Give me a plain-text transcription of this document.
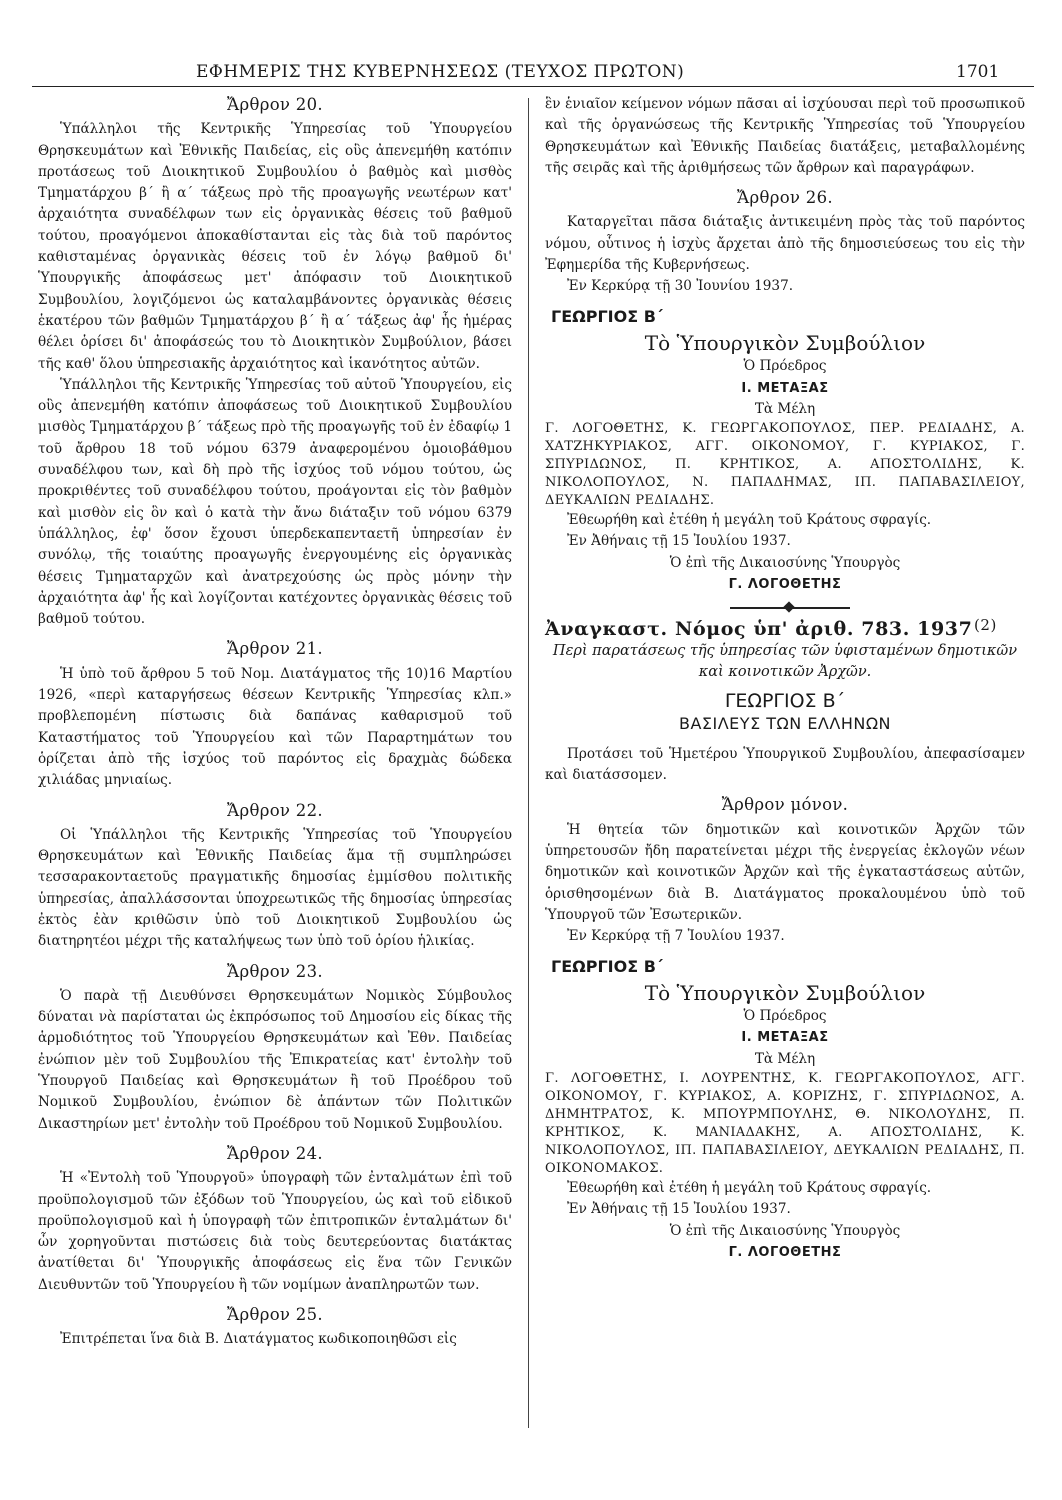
ΕΦΗΜΕΡΙΣ ΤΗΣ ΚΥΒΕΡΝΗΣΕΩΣ (ΤΕΥΧΟΣ ΠΡΩΤΟΝ)	1701
Ἄρθρον 20.

Ὑπάλληλοι τῆς Κεντρικῆς Ὑπηρεσίας τοῦ Ὑπουργείου Θρησκευμάτων καὶ Ἐθνικῆς Παιδείας, εἰς οὓς ἀπενεμήθη κατόπιν προτάσεως τοῦ Διοικητικοῦ Συμβουλίου ὁ βαθμὸς καὶ μισθὸς Τμηματάρχου β΄ ἢ α΄ τάξεως πρὸ τῆς προαγωγῆς νεωτέρων κατ' ἀρχαιότητα συναδέλφων των εἰς ὀργανικὰς θέσεις τοῦ βαθμοῦ τούτου, προαγόμενοι ἀποκαθίστανται εἰς τὰς διὰ τοῦ παρόντος καθισταμένας ὀργανικὰς θέσεις τοῦ ἐν λόγῳ βαθμοῦ δι' Ὑπουργικῆς ἀποφάσεως μετ' ἀπόφασιν τοῦ Διοικητικοῦ Συμβουλίου, λογιζόμενοι ὡς καταλαμβάνοντες ὀργανικὰς θέσεις ἑκατέρου τῶν βαθμῶν Τμηματάρχου β΄ ἢ α΄ τάξεως ἀφ' ἧς ἡμέρας θέλει ὁρίσει δι' ἀποφάσεώς του τὸ Διοικητικὸν Συμβούλιον, βάσει τῆς καθ' ὅλου ὑπηρεσιακῆς ἀρχαιότητος καὶ ἱκανότητος αὐτῶν.

Ὑπάλληλοι τῆς Κεντρικῆς Ὑπηρεσίας τοῦ αὐτοῦ Ὑπουργείου, εἰς οὓς ἀπενεμήθη κατόπιν ἀποφάσεως τοῦ Διοικητικοῦ Συμβουλίου μισθὸς Τμηματάρχου β΄ τάξεως πρὸ τῆς προαγωγῆς τοῦ ἐν ἐδαφίῳ 1 τοῦ ἄρθρου 18 τοῦ νόμου 6379 ἀναφερομένου ὁμοιοβάθμου συναδέλφου των, καὶ δὴ πρὸ τῆς ἰσχύος τοῦ νόμου τούτου, ὡς προκριθέντες τοῦ συναδέλφου τούτου, προάγονται εἰς τὸν βαθμὸν καὶ μισθὸν εἰς ὃν καὶ ὁ κατὰ τὴν ἄνω διάταξιν τοῦ νόμου 6379 ὑπάλληλος, ἐφ' ὅσον ἔχουσι ὑπερδεκαπενταετῆ ὑπηρεσίαν ἐν συνόλῳ, τῆς τοιαύτης προαγωγῆς ἐνεργουμένης εἰς ὀργανικὰς θέσεις Τμηματαρχῶν καὶ ἀνατρεχούσης ὡς πρὸς μόνην τὴν ἀρχαιότητα ἀφ' ἧς καὶ λογίζονται κατέχοντες ὀργανικὰς θέσεις τοῦ βαθμοῦ τούτου.

Ἄρθρον 21.

Ἡ ὑπὸ τοῦ ἄρθρου 5 τοῦ Νομ. Διατάγματος τῆς 10)16 Μαρτίου 1926, «περὶ καταργήσεως θέσεων Κεντρικῆς Ὑπηρεσίας κλπ.» προβλεπομένη πίστωσις διὰ δαπάνας καθαρισμοῦ τοῦ Καταστήματος τοῦ Ὑπουργείου καὶ τῶν Παραρτημάτων του ὁρίζεται ἀπὸ τῆς ἰσχύος τοῦ παρόντος εἰς δραχμὰς δώδεκα χιλιάδας μηνιαίως.

Ἄρθρον 22.

Οἱ Ὑπάλληλοι τῆς Κεντρικῆς Ὑπηρεσίας τοῦ Ὑπουργείου Θρησκευμάτων καὶ Ἐθνικῆς Παιδείας ἅμα τῇ συμπληρώσει τεσσαρακονταετοῦς πραγματικῆς δημοσίας ἐμμίσθου πολιτικῆς ὑπηρεσίας, ἀπαλλάσσονται ὑποχρεωτικῶς τῆς δημοσίας ὑπηρεσίας ἐκτὸς ἐὰν κριθῶσιν ὑπὸ τοῦ Διοικητικοῦ Συμβουλίου ὡς διατηρητέοι μέχρι τῆς καταλήψεως των ὑπὸ τοῦ ὁρίου ἡλικίας.

Ἄρθρον 23.

Ὁ παρὰ τῇ Διευθύνσει Θρησκευμάτων Νομικὸς Σύμβουλος δύναται νὰ παρίσταται ὡς ἐκπρόσωπος τοῦ Δημοσίου εἰς δίκας τῆς ἁρμοδιότητος τοῦ Ὑπουργείου Θρησκευμάτων καὶ Ἐθν. Παιδείας ἐνώπιον μὲν τοῦ Συμβουλίου τῆς Ἐπικρατείας κατ' ἐντολὴν τοῦ Ὑπουργοῦ Παιδείας καὶ Θρησκευμάτων ἢ τοῦ Προέδρου τοῦ Νομικοῦ Συμβουλίου, ἐνώπιον δὲ ἁπάντων τῶν Πολιτικῶν Δικαστηρίων μετ' ἐντολὴν τοῦ Προέδρου τοῦ Νομικοῦ Συμβουλίου.

Ἄρθρον 24.

Ἡ «Ἐντολὴ τοῦ Ὑπουργοῦ» ὑπογραφὴ τῶν ἐνταλμάτων ἐπὶ τοῦ προϋπολογισμοῦ τῶν ἐξόδων τοῦ Ὑπουργείου, ὡς καὶ τοῦ εἰδικοῦ προϋπολογισμοῦ καὶ ἡ ὑπογραφὴ τῶν ἐπιτροπικῶν ἐνταλμάτων δι' ὧν χορηγοῦνται πιστώσεις διὰ τοὺς δευτερεύοντας διατάκτας ἀνατίθεται δι' Ὑπουργικῆς ἀποφάσεως εἰς ἕνα τῶν Γενικῶν Διευθυντῶν τοῦ Ὑπουργείου ἢ τῶν νομίμων ἀναπληρωτῶν των.

Ἄρθρον 25.

Ἐπιτρέπεται ἵνα διὰ Β. Διατάγματος κωδικοποιηθῶσι εἰς

ἓν ἑνιαῖον κείμενον νόμων πᾶσαι αἱ ἰσχύουσαι περὶ τοῦ προσωπικοῦ καὶ τῆς ὀργανώσεως τῆς Κεντρικῆς Ὑπηρεσίας τοῦ Ὑπουργείου Θρησκευμάτων καὶ Ἐθνικῆς Παιδείας διατάξεις, μεταβαλλομένης τῆς σειρᾶς καὶ τῆς ἀριθμήσεως τῶν ἄρθρων καὶ παραγράφων.

Ἄρθρον 26.

Καταργεῖται πᾶσα διάταξις ἀντικειμένη πρὸς τὰς τοῦ παρόντος νόμου, οὗτινος ἡ ἰσχὺς ἄρχεται ἀπὸ τῆς δημοσιεύσεως του εἰς τὴν Ἐφημερίδα τῆς Κυβερνήσεως.

Ἐν Κερκύρᾳ τῇ 30 Ἰουνίου 1937.

ΓΕΩΡΓΙΟΣ Β΄
Τὸ Ὑπουργικὸν Συμβούλιον
Ὁ Πρόεδρος
Ι. ΜΕΤΑΞΑΣ
Τὰ Μέλη
Γ. ΛΟΓΟΘΕΤΗΣ, Κ. ΓΕΩΡΓΑΚΟΠΟΥΛΟΣ, ΠΕΡ. ΡΕΔΙΑΔΗΣ, Α. ΧΑΤΖΗΚΥΡΙΑΚΟΣ, ΑΓΓ. ΟΙΚΟΝΟΜΟΥ, Γ. ΚΥΡΙΑΚΟΣ, Γ. ΣΠΥΡΙΔΩΝΟΣ, Π. ΚΡΗΤΙΚΟΣ, Α. ΑΠΟΣΤΟΛΙΔΗΣ, Κ. ΝΙΚΟΛΟΠΟΥΛΟΣ, Ν. ΠΑΠΑΔΗΜΑΣ, ΙΠ. ΠΑΠΑΒΑΣΙΛΕΙΟΥ, ΔΕΥΚΑΛΙΩΝ ΡΕΔΙΑΔΗΣ.

Ἐθεωρήθη καὶ ἐτέθη ἡ μεγάλη τοῦ Κράτους σφραγίς.

Ἐν Ἀθήναις τῇ 15 Ἰουλίου 1937.

Ὁ ἐπὶ τῆς Δικαιοσύνης Ὑπουργὸς
Γ. ΛΟΓΟΘΕΤΗΣ
Ἀναγκαστ. Νόμος ὑπ' ἀριθ. 783. 1937 (2)
Περὶ παρατάσεως τῆς ὑπηρεσίας τῶν ὑφισταμένων δημοτικῶν καὶ κοινοτικῶν Ἀρχῶν.
ΓΕΩΡΓΙΟΣ Β΄
ΒΑΣΙΛΕΥΣ ΤΩΝ ΕΛΛΗΝΩΝ

Προτάσει τοῦ Ἡμετέρου Ὑπουργικοῦ Συμβουλίου, ἀπεφασίσαμεν καὶ διατάσσομεν.

Ἄρθρον μόνον.

Ἡ θητεία τῶν δημοτικῶν καὶ κοινοτικῶν Ἀρχῶν τῶν ὑπηρετουσῶν ἤδη παρατείνεται μέχρι τῆς ἐνεργείας ἐκλογῶν νέων δημοτικῶν καὶ κοινοτικῶν Ἀρχῶν καὶ τῆς ἐγκαταστάσεως αὐτῶν, ὁρισθησομένων διὰ Β. Διατάγματος προκαλουμένου ὑπὸ τοῦ Ὑπουργοῦ τῶν Ἐσωτερικῶν.

Ἐν Κερκύρᾳ τῇ 7 Ἰουλίου 1937.

ΓΕΩΡΓΙΟΣ Β΄
Τὸ Ὑπουργικὸν Συμβούλιον
Ὁ Πρόεδρος
Ι. ΜΕΤΑΞΑΣ
Τὰ Μέλη
Γ. ΛΟΓΟΘΕΤΗΣ, Ι. ΛΟΥΡΕΝΤΗΣ, Κ. ΓΕΩΡΓΑΚΟΠΟΥΛΟΣ, ΑΓΓ. ΟΙΚΟΝΟΜΟΥ, Γ. ΚΥΡΙΑΚΟΣ, Α. ΚΟΡΙΖΗΣ, Γ. ΣΠΥΡΙΔΩΝΟΣ, Α. ΔΗΜΗΤΡΑΤΟΣ, Κ. ΜΠΟΥΡΜΠΟΥΛΗΣ, Θ. ΝΙΚΟΛΟΥΔΗΣ, Π. ΚΡΗΤΙΚΟΣ, Κ. ΜΑΝΙΑΔΑΚΗΣ, Α. ΑΠΟΣΤΟΛΙΔΗΣ, Κ. ΝΙΚΟΛΟΠΟΥΛΟΣ, ΙΠ. ΠΑΠΑΒΑΣΙΛΕΙΟΥ, ΔΕΥΚΑΛΙΩΝ ΡΕΔΙΑΔΗΣ, Π. ΟΙΚΟΝΟΜΑΚΟΣ.

Ἐθεωρήθη καὶ ἐτέθη ἡ μεγάλη τοῦ Κράτους σφραγίς.

Ἐν Ἀθήναις τῇ 15 Ἰουλίου 1937.

Ὁ ἐπὶ τῆς Δικαιοσύνης Ὑπουργὸς
Γ. ΛΟΓΟΘΕΤΗΣ
